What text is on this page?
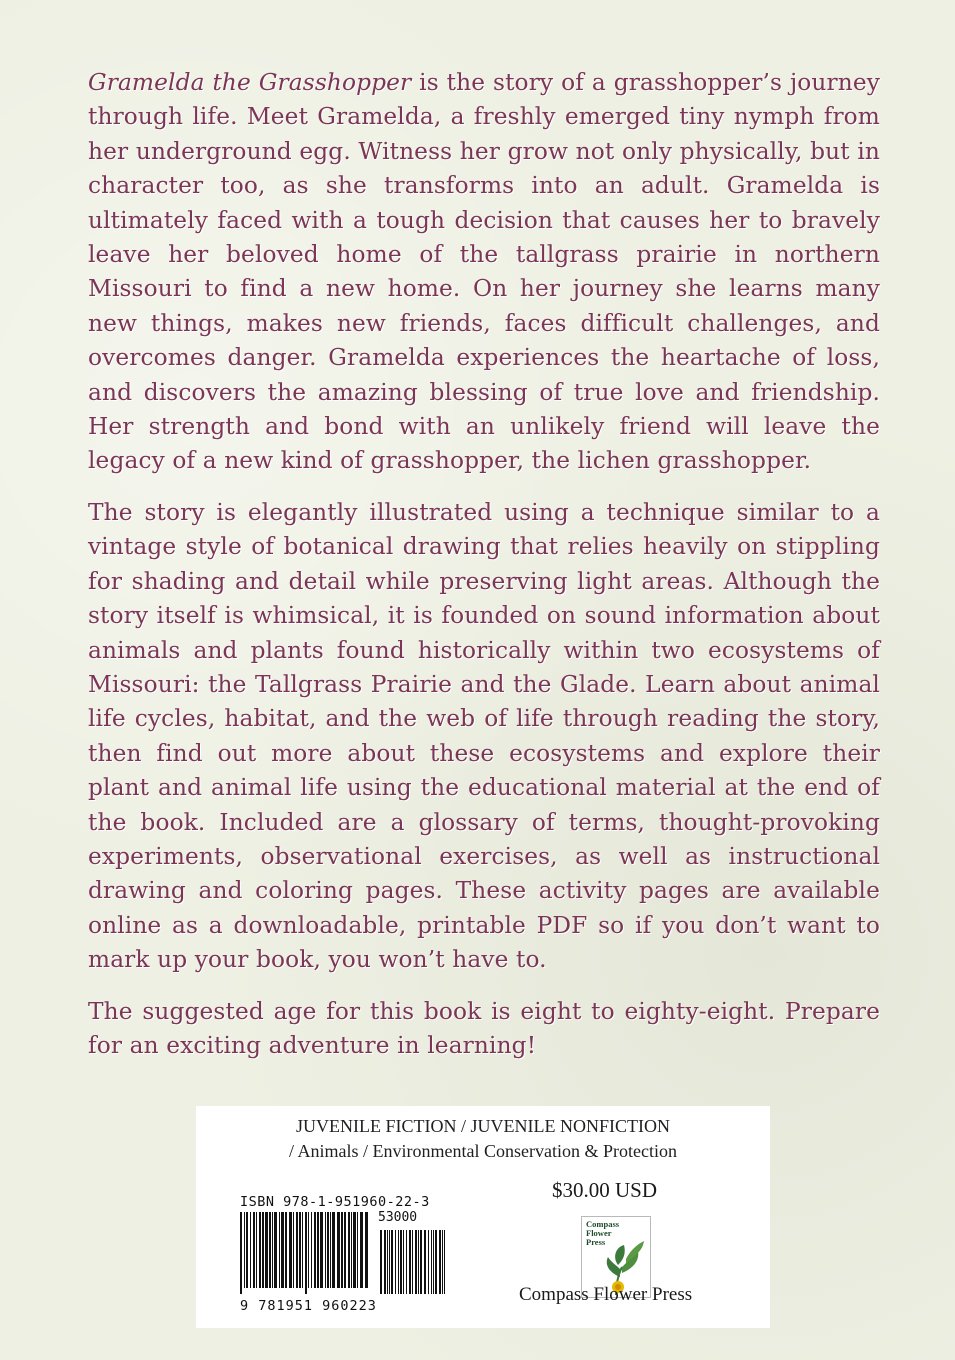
Gramelda the Grasshopper is the story of a grasshopper’s journey through life. Meet Gramelda, a freshly emerged tiny nymph from her underground egg. Witness her grow not only physically, but in character too, as she transforms into an adult. Gramelda is ultimately faced with a tough decision that causes her to bravely leave her beloved home of the tallgrass prairie in northern Missouri to find a new home. On her journey she learns many new things, makes new friends, faces difficult challenges, and overcomes danger. Gramelda experiences the heartache of loss, and discovers the amazing blessing of true love and friendship. Her strength and bond with an unlikely friend will leave the legacy of a new kind of grasshopper, the lichen grasshopper.

The story is elegantly illustrated using a technique similar to a vintage style of botanical drawing that relies heavily on stippling for shading and detail while preserving light areas. Although the story itself is whimsical, it is founded on sound information about animals and plants found historically within two ecosystems of Missouri: the Tallgrass Prairie and the Glade. Learn about animal life cycles, habitat, and the web of life through reading the story, then find out more about these ecosystems and explore their plant and animal life using the educational material at the end of the book. Included are a glossary of terms, thought-provoking experiments, observational exercises, as well as instructional drawing and coloring pages. These activity pages are available online as a downloadable, printable PDF so if you don’t want to mark up your book, you won’t have to.

The suggested age for this book is eight to eighty-eight. Prepare for an exciting adventure in learning!

JUVENILE FICTION / JUVENILE NONFICTION
/ Animals / Environmental Conservation & Protection
ISBN 978-1-951960-22-3
53000
9 781951 960223
$30.00 USD
Compass
Flower
Press
Compass Flower Press
